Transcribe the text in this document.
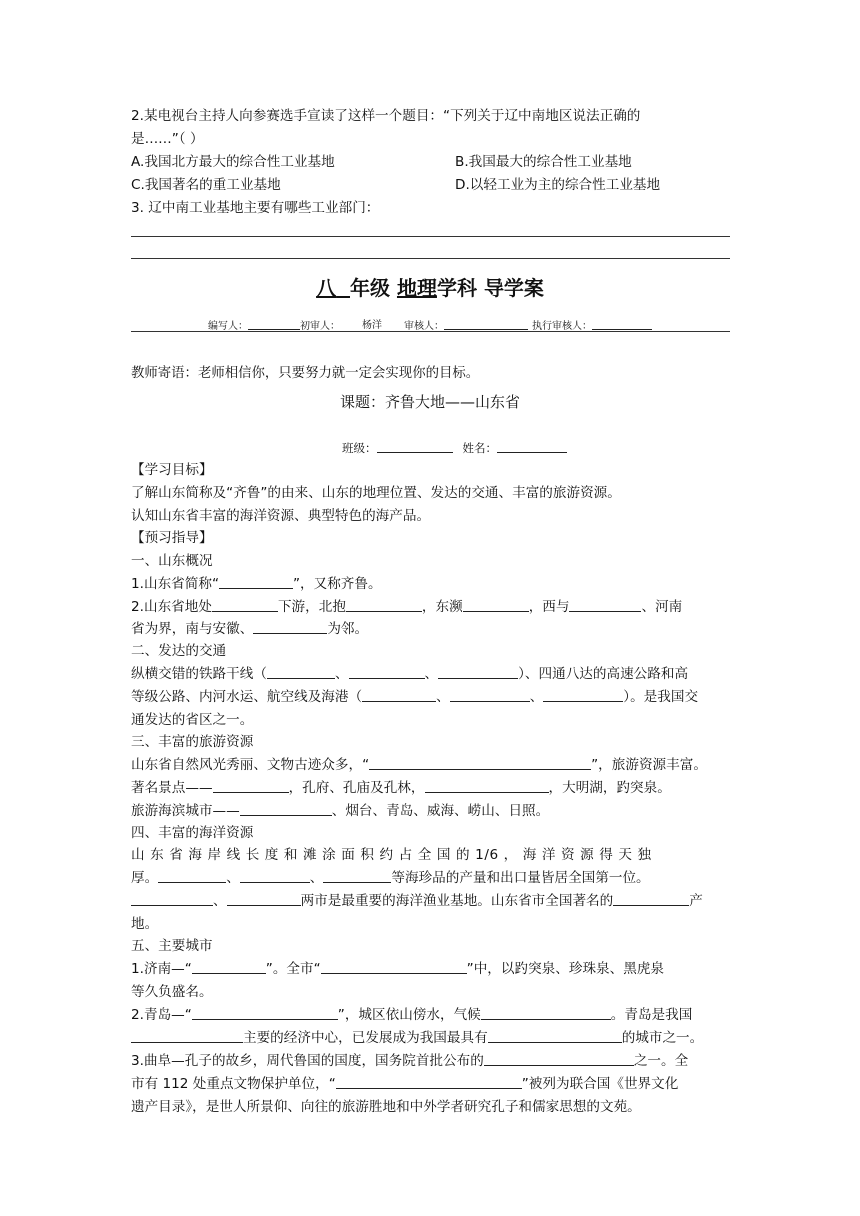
2.某电视台主持人向参赛选手宣读了这样一个题目：“下列关于辽中南地区说法正确的
是……”（ ）
A.我国北方最大的综合性工业基地	B.我国最大的综合性工业基地
C.我国著名的重工业基地	D.以轻工业为主的综合性工业基地
3. 辽中南工业基地主要有哪些工业部门：
八 年级 地理学科 导学案
编写人：	初审人： 杨洋 审核人：	执行审核人：
教师寄语：老师相信你，只要努力就一定会实现你的目标。
课题：齐鲁大地——山东省
班级：	姓名：
【学习目标】
了解山东简称及“齐鲁”的由来、山东的地理位置、发达的交通、丰富的旅游资源。
认知山东省丰富的海洋资源、典型特色的海产品。
【预习指导】
一、山东概况
1.山东省简称“	”，又称齐鲁。
2.山东省地处	下游，北抱	，东濒	，西与	、河南
省为界，南与安徽、	为邻。
二、发达的交通
纵横交错的铁路干线（	、	、	）、四通八达的高速公路和高
等级公路、内河水运、航空线及海港（	、	、	）。是我国交
通发达的省区之一。
三、丰富的旅游资源
山东省自然风光秀丽、文物古迹众多，“	”，旅游资源丰富。
著名景点——	，孔府、孔庙及孔林，	，大明湖，趵突泉。
旅游海滨城市——	、烟台、青岛、威海、崂山、日照。
四、丰富的海洋资源
山 东 省 海 岸 线 长 度 和 滩 涂 面 积 约 占 全 国 的 1/6 ， 海 洋 资 源 得 天 独
厚。	、	、	等海珍品的产量和出口量皆居全国第一位。
、	两市是最重要的海洋渔业基地。山东省市全国著名的	产
地。
五、主要城市
1.济南—“	”。全市“	”中，以趵突泉、珍珠泉、黑虎泉
等久负盛名。
2.青岛—“	”，城区依山傍水，气候	。青岛是我国
主要的经济中心，已发展成为我国最具有	的城市之一。
3.曲阜—孔子的故乡，周代鲁国的国度，国务院首批公布的	之一。全
市有 112 处重点文物保护单位，“	”被列为联合国《世界文化
遗产目录》，是世人所景仰、向往的旅游胜地和中外学者研究孔子和儒家思想的文苑。
